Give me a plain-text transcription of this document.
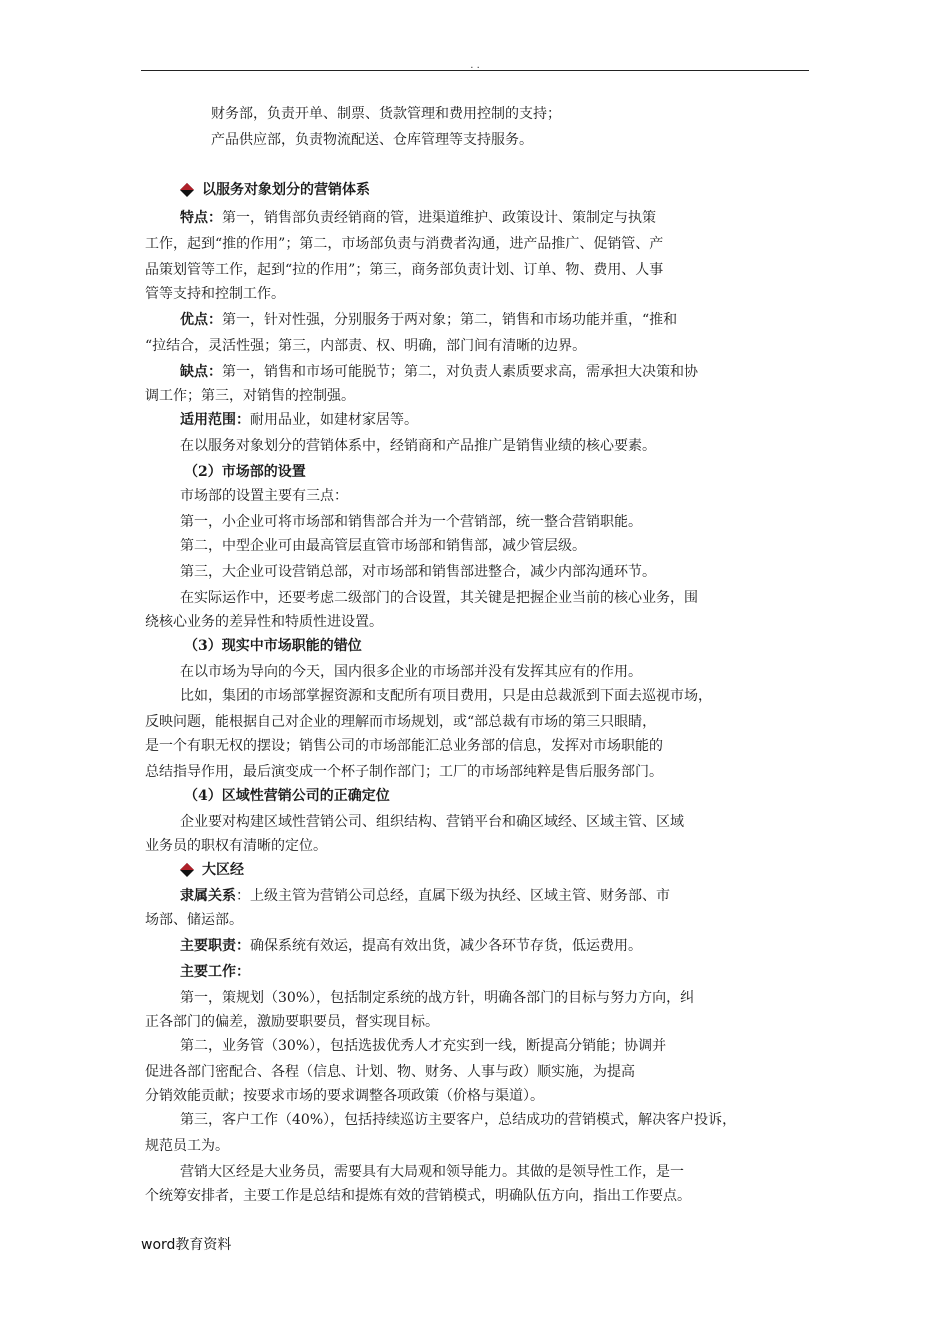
. .
财务部，负责开单、制票、货款管理和费用控制的支持；
产品供应部，负责物流配送、仓库管理等支持服务。
以服务对象划分的营销体系
特点：第一，销售部负责经销商的管，进渠道维护、政策设计、策制定与执策
工作，起到“推的作用”；第二，市场部负责与消费者沟通，进产品推广、促销管、产
品策划管等工作，起到“拉的作用”；第三，商务部负责计划、订单、物、费用、人事
管等支持和控制工作。
优点：第一，针对性强，分别服务于两对象；第二，销售和市场功能并重，“推和
“拉结合，灵活性强；第三，内部责、权、明确，部门间有清晰的边界。
缺点：第一，销售和市场可能脱节；第二，对负责人素质要求高，需承担大决策和协
调工作；第三，对销售的控制强。
适用范围：耐用品业，如建材家居等。
在以服务对象划分的营销体系中，经销商和产品推广是销售业绩的核心要素。
（2）市场部的设置
市场部的设置主要有三点：
第一，小企业可将市场部和销售部合并为一个营销部，统一整合营销职能。
第二，中型企业可由最高管层直管市场部和销售部，减少管层级。
第三，大企业可设营销总部，对市场部和销售部进整合，减少内部沟通环节。
在实际运作中，还要考虑二级部门的合设置，其关键是把握企业当前的核心业务，围
绕核心业务的差异性和特质性进设置。
（3）现实中市场职能的错位
在以市场为导向的今天，国内很多企业的市场部并没有发挥其应有的作用。
比如，集团的市场部掌握资源和支配所有项目费用，只是由总裁派到下面去巡视市场，
反映问题，能根据自己对企业的理解而市场规划，或“部总裁有市场的第三只眼睛，
是一个有职无权的摆设；销售公司的市场部能汇总业务部的信息，发挥对市场职能的
总结指导作用，最后演变成一个杯子制作部门；工厂的市场部纯粹是售后服务部门。
（4）区域性营销公司的正确定位
企业要对构建区域性营销公司、组织结构、营销平台和确区域经、区域主管、区域
业务员的职权有清晰的定位。
大区经
隶属关系：上级主管为营销公司总经，直属下级为执经、区域主管、财务部、市
场部、储运部。
主要职责：确保系统有效运，提高有效出货，减少各环节存货，低运费用。
主要工作：
第一，策规划（30%），包括制定系统的战方针，明确各部门的目标与努力方向，纠
正各部门的偏差，激励要职要员，督实现目标。
第二，业务管（30%），包括选拔优秀人才充实到一线，断提高分销能；协调并
促进各部门密配合、各程（信息、计划、物、财务、人事与政）顺实施，为提高
分销效能贡献；按要求市场的要求调整各项政策（价格与渠道）。
第三，客户工作（40%），包括持续巡访主要客户，总结成功的营销模式，解决客户投诉，
规范员工为。
营销大区经是大业务员，需要具有大局观和领导能力。其做的是领导性工作，是一
个统筹安排者，主要工作是总结和提炼有效的营销模式，明确队伍方向，指出工作要点。
word教育资料
